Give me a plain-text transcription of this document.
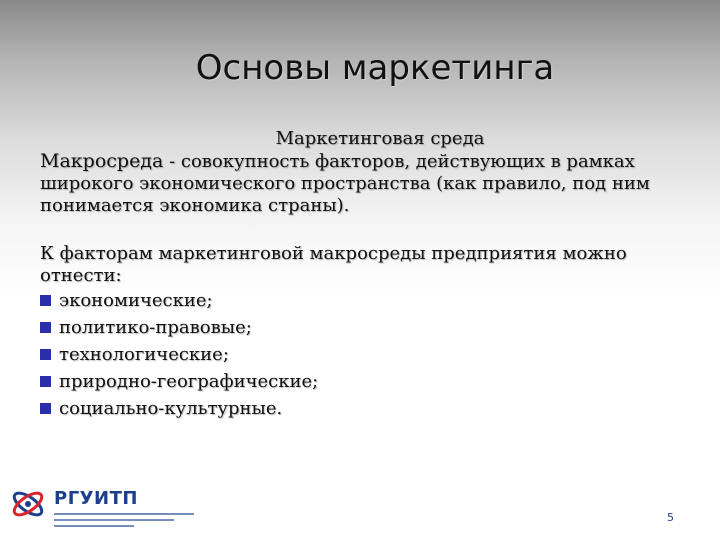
Основы маркетинга
Маркетинговая среда

Макросреда - совокупность факторов, действующих в рамках широкого экономического пространства (как правило, под ним понимается экономика страны).

К факторам маркетинговой макросреды предприятия можно отнести:
экономические;
политико-правовые;
технологические;
природно-географические;
социально-культурные.
РГУИТП
5
